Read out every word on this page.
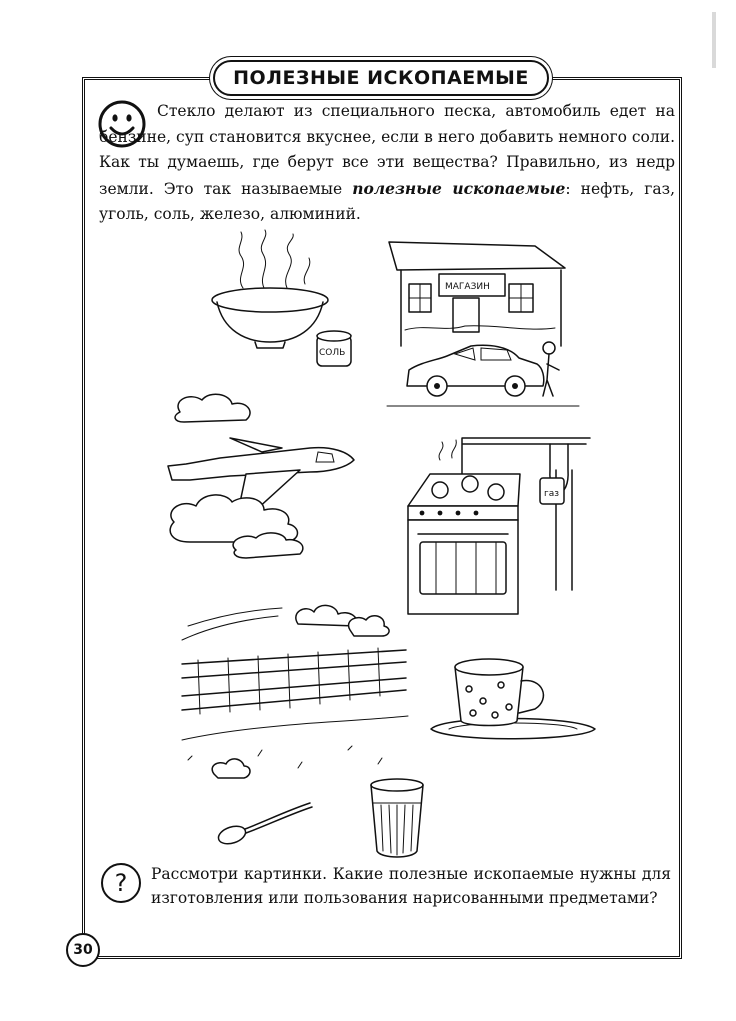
ПОЛЕЗНЫЕ ИСКОПАЕМЫЕ
Стекло делают из специального песка, автомобиль едет на бензине, суп становится вкуснее, если в него добавить немного соли. Как ты думаешь, где берут все эти вещества? Правильно, из недр земли. Это так называемые полезные ископаемые: нефть, газ, уголь, соль, железо, алюминий.
СОЛЬ
МАГАЗИН
газ
?	Рассмотри картинки. Какие полезные ископаемые нужны для изготовления или пользования нарисованными предметами?
30
